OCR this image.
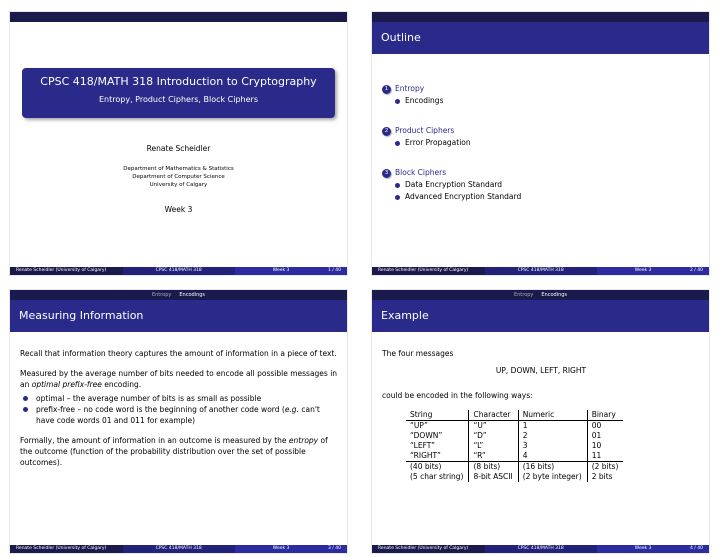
CPSC 418/MATH 318 Introduction to Cryptography
Entropy, Product Ciphers, Block Ciphers
Renate Scheidler
Department of Mathematics & Statistics
Department of Computer Science
University of Calgary
Week 3
Renate Scheidler (University of Calgary)	CPSC 418/MATH 318	Week 3	1 / 40
Outline
1 Entropy
Encodings
2 Product Ciphers
Error Propagation
3 Block Ciphers
Data Encryption Standard
Advanced Encryption Standard
Renate Scheidler (University of Calgary)	CPSC 418/MATH 318	Week 3	2 / 40
Entropy Encodings
Measuring Information

Recall that information theory captures the amount of information in a piece of text.

Measured by the average number of bits needed to encode all possible messages in an optimal prefix-free encoding.

optimal – the average number of bits is as small as possible
prefix-free – no code word is the beginning of another code word (e.g. can't have code words 01 and 011 for example)

Formally, the amount of information in an outcome is measured by the entropy of the outcome (function of the probability distribution over the set of possible outcomes).

Renate Scheidler (University of Calgary)	CPSC 418/MATH 318	Week 3	3 / 40
Entropy Encodings
Example
The four messages
UP, DOWN, LEFT, RIGHT
could be encoded in the following ways:
String	Character	Numeric	Binary
“UP”	“U”	1	00
“DOWN”	“D”	2	01
“LEFT”	“L”	3	10
“RIGHT”	“R”	4	11
(40 bits)	(8 bits)	(16 bits)	(2 bits)
(5 char string)	8-bit ASCII	(2 byte integer)	2 bits
Renate Scheidler (University of Calgary)	CPSC 418/MATH 318	Week 3	4 / 40
